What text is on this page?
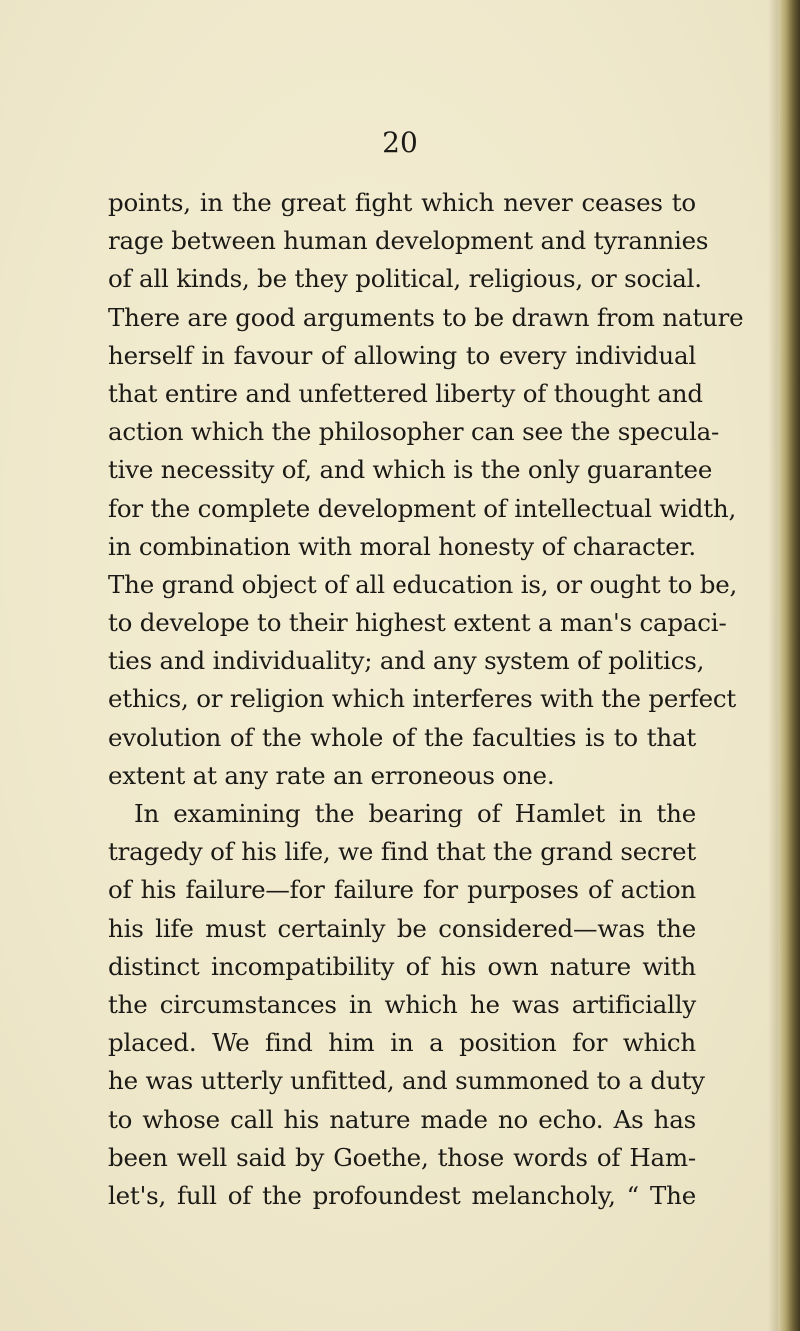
20
points, in the great fight which never ceases to
rage between human development and tyrannies
of all kinds, be they political, religious, or social.
There are good arguments to be drawn from nature
herself in favour of allowing to every individual
that entire and unfettered liberty of thought and
action which the philosopher can see the specula-
tive necessity of, and which is the only guarantee
for the complete development of intellectual width,
in combination with moral honesty of character.
The grand object of all education is, or ought to be,
to develope to their highest extent a man's capaci-
ties and individuality; and any system of politics,
ethics, or religion which interferes with the perfect
evolution of the whole of the faculties is to that
extent at any rate an erroneous one.
In examining the bearing of Hamlet in the
tragedy of his life, we find that the grand secret
of his failure—for failure for purposes of action
his life must certainly be considered—was the
distinct incompatibility of his own nature with
the circumstances in which he was artificially
placed. We find him in a position for which
he was utterly unfitted, and summoned to a duty
to whose call his nature made no echo. As has
been well said by Goethe, those words of Ham-
let's, full of the profoundest melancholy, “ The
